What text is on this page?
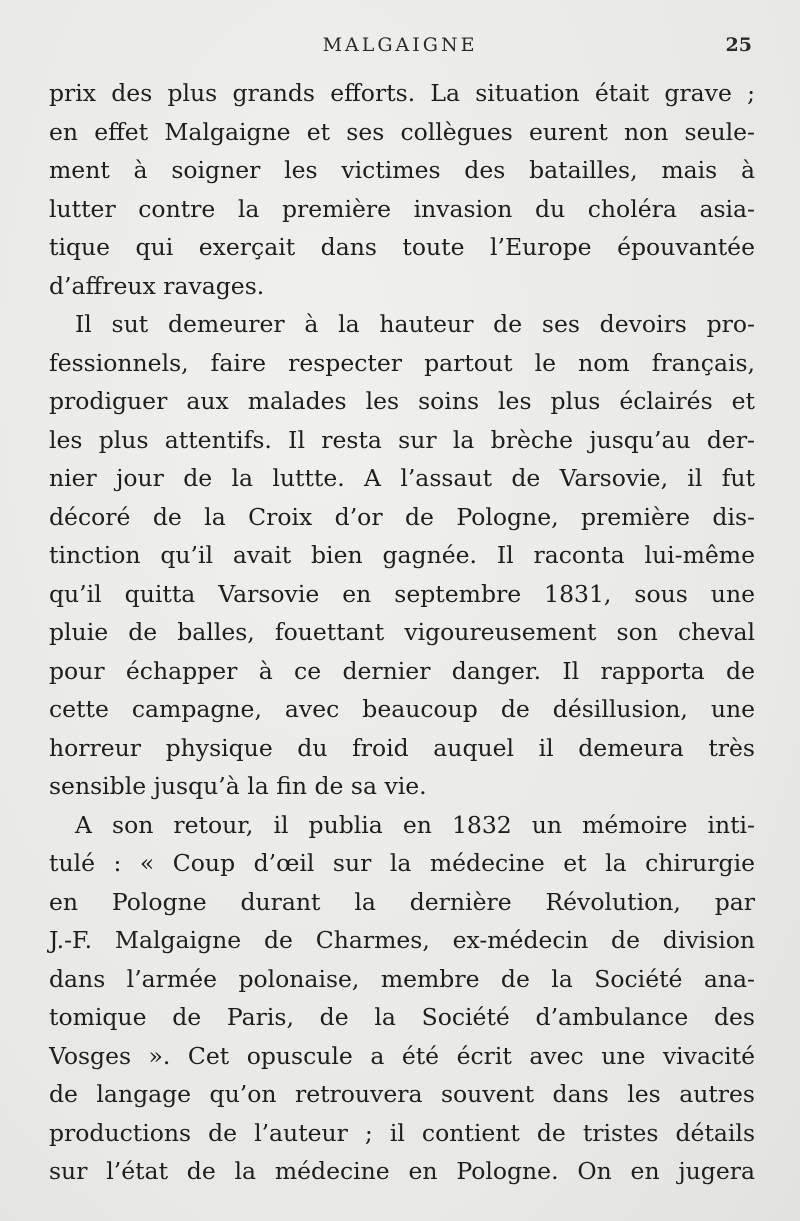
MALGAIGNE	25
prix des plus grands efforts. La situation était grave ;
en effet Malgaigne et ses collègues eurent non seule-
ment à soigner les victimes des batailles, mais à
lutter contre la première invasion du choléra asia-
tique qui exerçait dans toute l’Europe épouvantée
d’affreux ravages.
Il sut demeurer à la hauteur de ses devoirs pro-
fessionnels, faire respecter partout le nom français,
prodiguer aux malades les soins les plus éclairés et
les plus attentifs. Il resta sur la brèche jusqu’au der-
nier jour de la luttte. A l’assaut de Varsovie, il fut
décoré de la Croix d’or de Pologne, première dis-
tinction qu’il avait bien gagnée. Il raconta lui-même
qu’il quitta Varsovie en septembre 1831, sous une
pluie de balles, fouettant vigoureusement son cheval
pour échapper à ce dernier danger. Il rapporta de
cette campagne, avec beaucoup de désillusion, une
horreur physique du froid auquel il demeura très
sensible jusqu’à la fin de sa vie.
A son retour, il publia en 1832 un mémoire inti-
tulé : « Coup d’œil sur la médecine et la chirurgie
en Pologne durant la dernière Révolution, par
J.-F. Malgaigne de Charmes, ex-médecin de division
dans l’armée polonaise, membre de la Société ana-
tomique de Paris, de la Société d’ambulance des
Vosges ». Cet opuscule a été écrit avec une vivacité
de langage qu’on retrouvera souvent dans les autres
productions de l’auteur ; il contient de tristes détails
sur l’état de la médecine en Pologne. On en jugera
